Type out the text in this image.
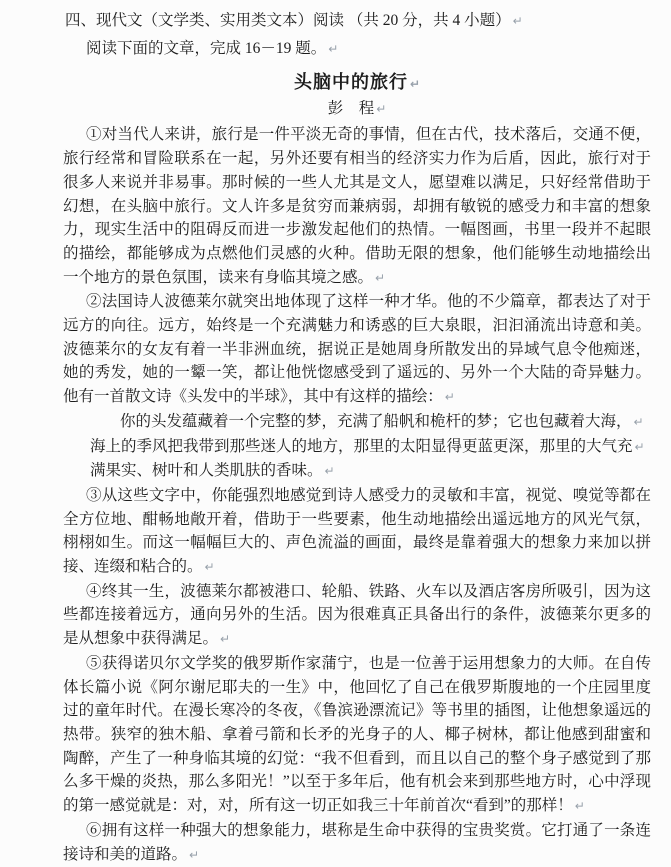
四、现代文（文学类、实用类文本）阅读 （共 20 分，共 4 小题） ↵
阅读下面的文章，完成 16－19 题。 ↵
头脑中的旅行 ↵
彭　程 ↵
①对当代人来讲，旅行是一件平淡无奇的事情，但在古代，技术落后，交通不便，旅行经常和冒险联系在一起，另外还要有相当的经济实力作为后盾，因此，旅行对于很多人来说并非易事。那时候的一些人尤其是文人，愿望难以满足，只好经常借助于幻想，在头脑中旅行。文人许多是贫穷而兼病弱，却拥有敏锐的感受力和丰富的想象力，现实生活中的阻碍反而进一步激发起他们的热情。一幅图画，书里一段并不起眼的描绘，都能够成为点燃他们灵感的火种。借助无限的想象，他们能够生动地描绘出一个地方的景色氛围，读来有身临其境之感。 ↵
②法国诗人波德莱尔就突出地体现了这样一种才华。他的不少篇章，都表达了对于远方的向往。远方，始终是一个充满魅力和诱惑的巨大泉眼，汩汩涌流出诗意和美。波德莱尔的女友有着一半非洲血统，据说正是她周身所散发出的异域气息令他痴迷，她的秀发，她的一颦一笑，都让他恍惚感受到了遥远的、另外一个大陆的奇异魅力。他有一首散文诗《头发中的半球》，其中有这样的描绘： ↵
你的头发蕴藏着一个完整的梦，充满了船帆和桅杆的梦；它也包藏着大海， ↵
海上的季风把我带到那些迷人的地方，那里的太阳显得更蓝更深，那里的大气充 ↵
满果实、树叶和人类肌肤的香味。 ↵
③从这些文字中，你能强烈地感觉到诗人感受力的灵敏和丰富，视觉、嗅觉等都在全方位地、酣畅地敞开着，借助于一些要素，他生动地描绘出遥远地方的风光气氛，栩栩如生。而这一幅幅巨大的、声色流溢的画面，最终是靠着强大的想象力来加以拼接、连缀和粘合的。 ↵
④终其一生，波德莱尔都被港口、轮船、铁路、火车以及酒店客房所吸引，因为这些都连接着远方，通向另外的生活。因为很难真正具备出行的条件，波德莱尔更多的是从想象中获得满足。 ↵
⑤获得诺贝尔文学奖的俄罗斯作家蒲宁，也是一位善于运用想象力的大师。在自传体长篇小说《阿尔谢尼耶夫的一生》中，他回忆了自己在俄罗斯腹地的一个庄园里度过的童年时代。在漫长寒冷的冬夜，《鲁滨逊漂流记》等书里的插图，让他想象遥远的热带。狭窄的独木船、拿着弓箭和长矛的光身子的人、椰子树林，都让他感到甜蜜和陶醉，产生了一种身临其境的幻觉：“我不但看到，而且以自己的整个身子感觉到了那么多干燥的炎热，那么多阳光！”以至于多年后，他有机会来到那些地方时，心中浮现的第一感觉就是：对，对，所有这一切正如我三十年前首次“看到”的那样！ ↵
⑥拥有这样一种强大的想象能力，堪称是生命中获得的宝贵奖赏。它打通了一条连接诗和美的道路。 ↵
